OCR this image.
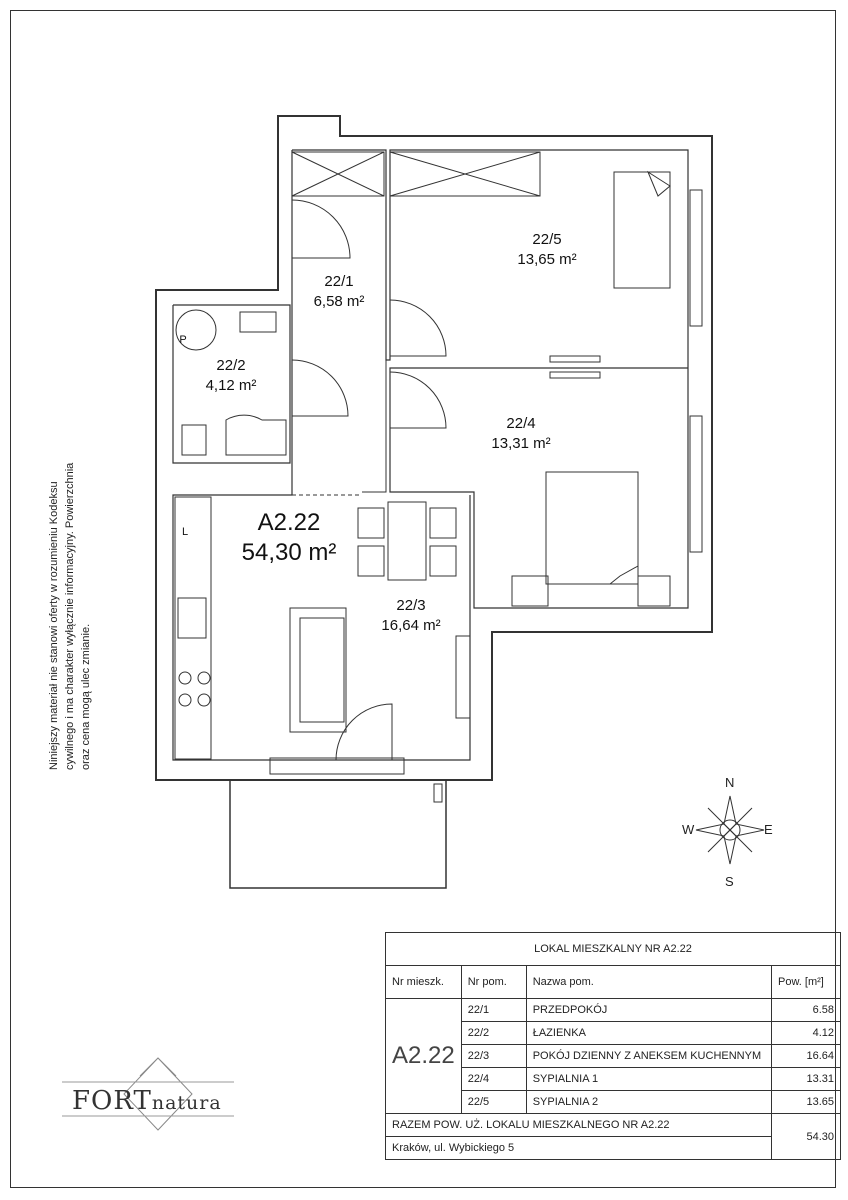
22/1
6,58 m²
22/2
4,12 m²
22/3
16,64 m²
22/4
13,31 m²
22/5
13,65 m²
A2.22
54,30 m²
P
L
Niniejszy materiał nie stanowi oferty w rozumieniu Kodeksu cywilnego i ma charakter wyłącznie informacyjny. Powierzchnia oraz cena mogą ulec zmianie.
N
S
E
W
FORTnatura
LOKAL MIESZKALNY NR A2.22			
Nr mieszk.	Nr pom.	Nazwa pom.	Pow. [m²]
A2.22	22/1	PRZEDPOKÓJ	6.58
	22/2	ŁAZIENKA	4.12
	22/3	POKÓJ DZIENNY Z ANEKSEM KUCHENNYM	16.64
	22/4	SYPIALNIA 1	13.31
	22/5	SYPIALNIA 2	13.65
RAZEM POW. UŻ. LOKALU MIESZKALNEGO NR A2.22			54.30
Kraków, ul. Wybickiego 5			
